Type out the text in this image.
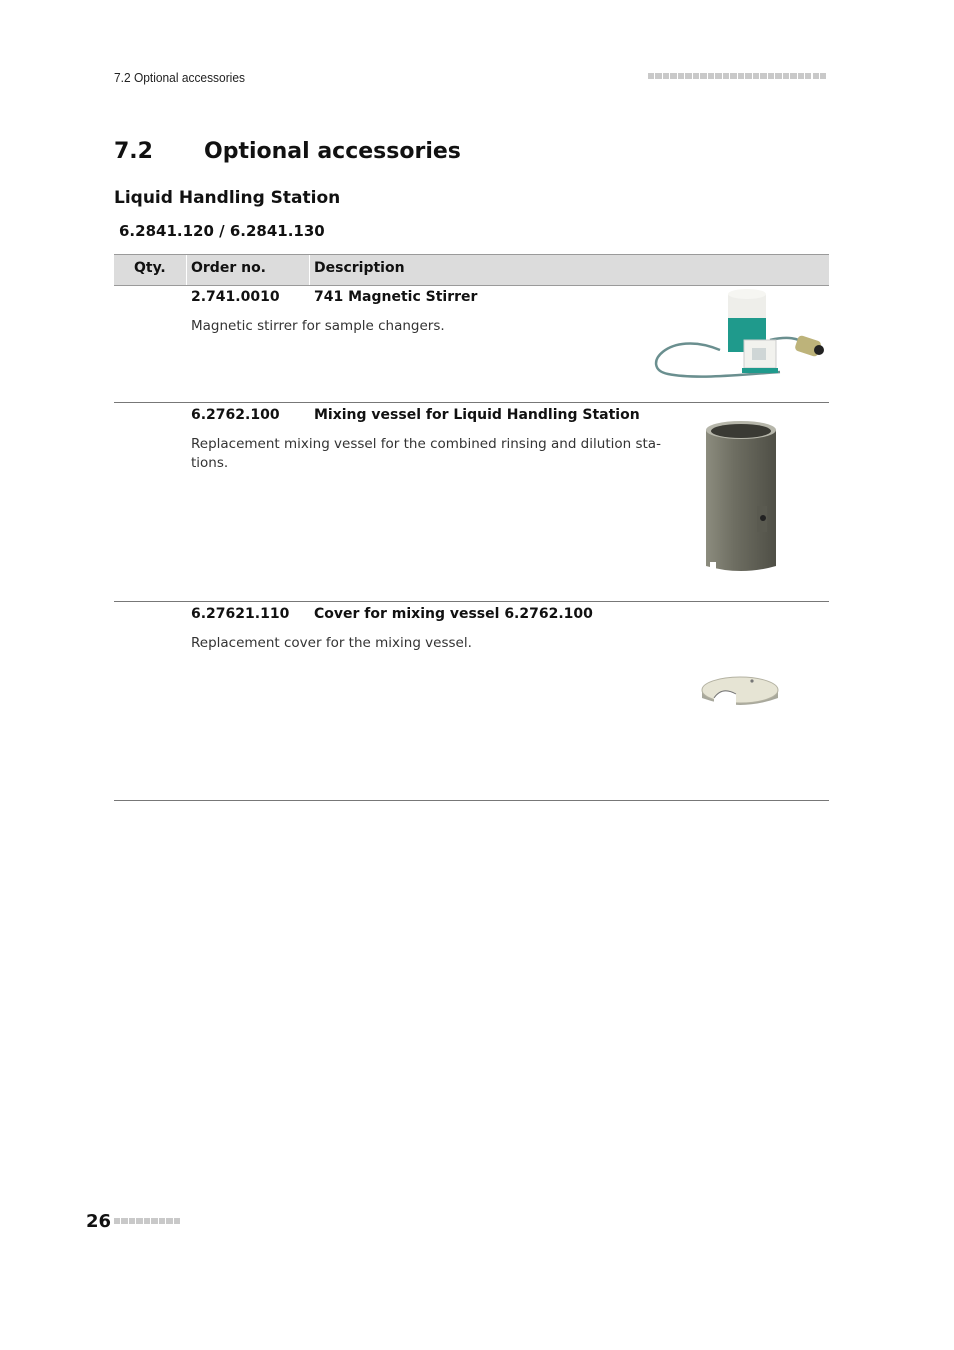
7.2 Optional accessories
7.2 Optional accessories
Liquid Handling Station
6.2841.120 / 6.2841.130
Qty. Order no.	Description
2.741.0010 741 Magnetic Stirrer
Magnetic stirrer for sample changers.
6.2762.100 Mixing vessel for Liquid Handling Station
Replacement mixing vessel for the combined rinsing and dilution sta-
tions.
6.27621.110 Cover for mixing vessel 6.2762.100
Replacement cover for the mixing vessel.
26
